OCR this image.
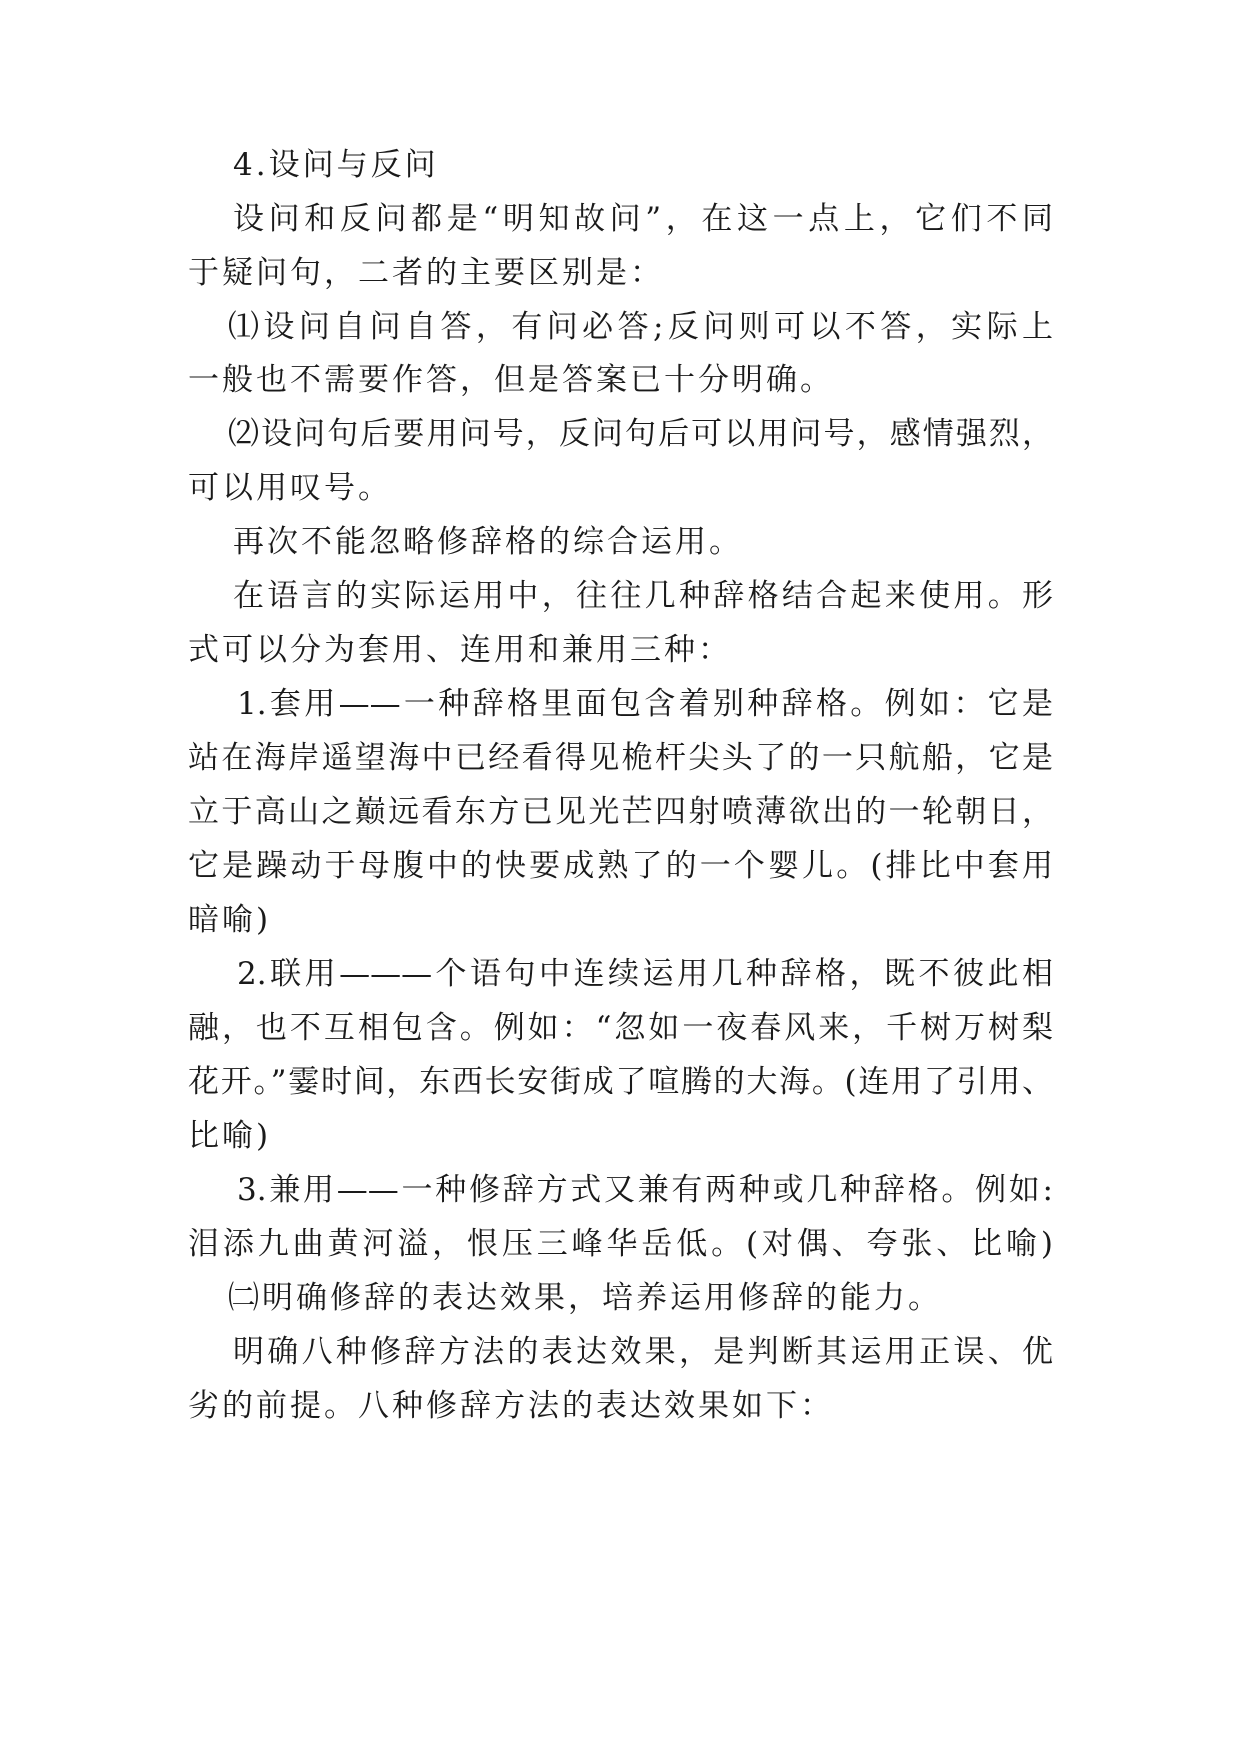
4.设问与反问
设问和反问都是“明知故问”，在这一点上，它们不同
于疑问句，二者的主要区别是：
⑴设问自问自答，有问必答;反问则可以不答，实际上
一般也不需要作答，但是答案已十分明确。
⑵设问句后要用问号，反问句后可以用问号，感情强烈，
可以用叹号。
再次不能忽略修辞格的综合运用。
在语言的实际运用中，往往几种辞格结合起来使用。形
式可以分为套用、连用和兼用三种：
1.套用——一种辞格里面包含着别种辞格。例如：它是
站在海岸遥望海中已经看得见桅杆尖头了的一只航船，它是
立于高山之巅远看东方已见光芒四射喷薄欲出的一轮朝日，
它是躁动于母腹中的快要成熟了的一个婴儿。(排比中套用
暗喻)
2.联用———个语句中连续运用几种辞格，既不彼此相
融，也不互相包含。例如：“忽如一夜春风来，千树万树梨
花开。”霎时间，东西长安街成了喧腾的大海。(连用了引用、
比喻)
3.兼用——一种修辞方式又兼有两种或几种辞格。例如:
泪添九曲黄河溢，恨压三峰华岳低。(对偶、夸张、比喻)
㈡明确修辞的表达效果，培养运用修辞的能力。
明确八种修辞方法的表达效果，是判断其运用正误、优
劣的前提。八种修辞方法的表达效果如下：
